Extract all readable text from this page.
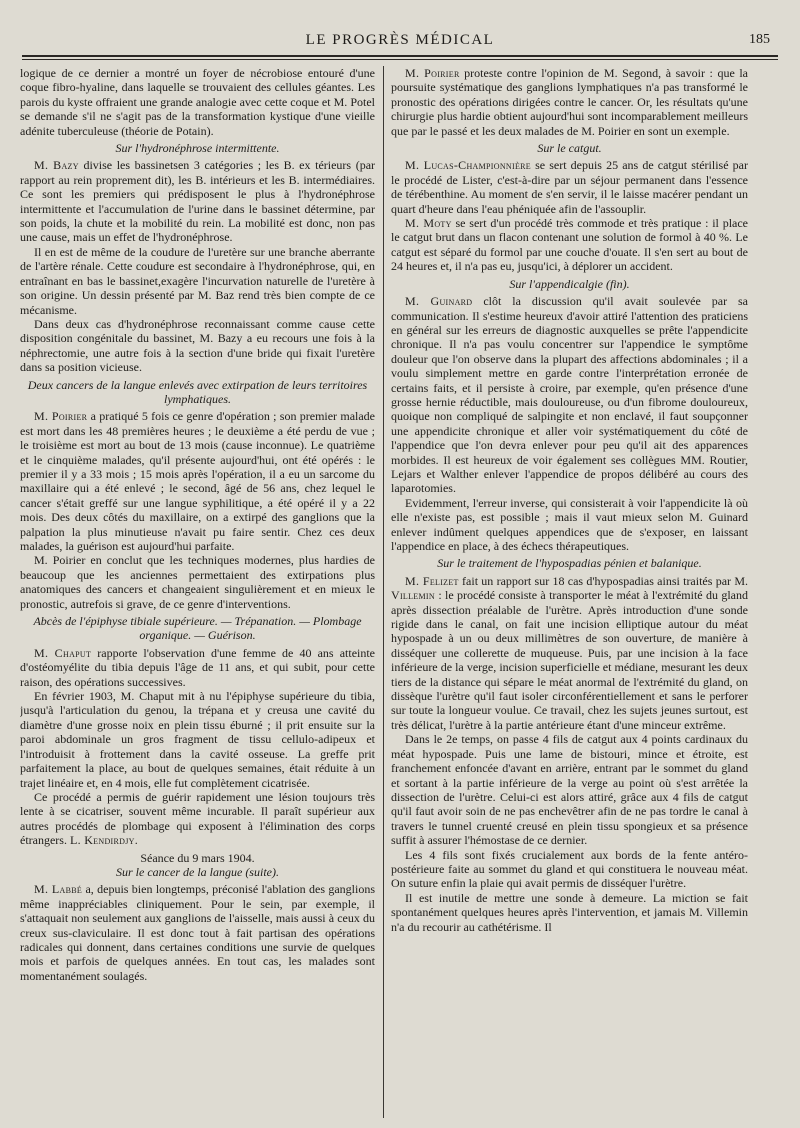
LE PROGRÈS MÉDICAL	185

logique de ce dernier a montré un foyer de nécrobiose entouré d'une coque fibro-hyaline, dans laquelle se trouvaient des cellules géantes. Les parois du kyste offraient une grande analogie avec cette coque et M. Potel se demande s'il ne s'agit pas de la transformation kystique d'une vieille adénite tuberculeuse (théorie de Potain).

Sur l'hydronéphrose intermittente.

M. Bazy divise les bassinetsen 3 catégories ; les B. ex térieurs (par rapport au rein proprement dit), les B. intérieurs et les B. intermédiaires. Ce sont les premiers qui prédisposent le plus à l'hydronéphrose intermittente et l'accumulation de l'urine dans le bassinet détermine, par son poids, la chute et la mobilité du rein. La mobilité est donc, non pas une cause, mais un effet de l'hydronéphrose.

Il en est de même de la coudure de l'uretère sur une branche aberrante de l'artère rénale. Cette coudure est secondaire à l'hydronéphrose, qui, en entraînant en bas le bassinet,exagère l'incurvation naturelle de l'uretère à son origine. Un dessin présenté par M. Baz rend très bien compte de ce mécanisme.

Dans deux cas d'hydronéphrose reconnaissant comme cause cette disposition congénitale du bassinet, M. Bazy a eu recours une fois à la néphrectomie, une autre fois à la section d'une bride qui fixait l'uretère dans sa position vicieuse.

Deux cancers de la langue enlevés avec extirpation de leurs territoires lymphatiques.

M. Poirier a pratiqué 5 fois ce genre d'opération ; son premier malade est mort dans les 48 premières heures ; le deuxième a été perdu de vue ; le troisième est mort au bout de 13 mois (cause inconnue). Le quatrième et le cinquième malades, qu'il présente aujourd'hui, ont été opérés : le premier il y a 33 mois ; 15 mois après l'opération, il a eu un sarcome du maxillaire qui a été enlevé ; le second, âgé de 56 ans, chez lequel le cancer s'était greffé sur une langue syphilitique, a été opéré il y a 22 mois. Des deux côtés du maxillaire, on a extirpé des ganglions que la palpation la plus minutieuse n'avait pu faire sentir. Chez ces deux malades, la guérison est aujourd'hui parfaite.

M. Poirier en conclut que les techniques modernes, plus hardies de beaucoup que les anciennes permettaient des extirpations plus anatomiques des cancers et changeaient singulièrement et en mieux le pronostic, autrefois si grave, de ce genre d'interventions.

Abcès de l'épiphyse tibiale supérieure. — Trépanation. — Plombage organique. — Guérison.

M. Chaput rapporte l'observation d'une femme de 40 ans atteinte d'ostéomyélite du tibia depuis l'âge de 11 ans, et qui subit, pour cette raison, des opérations successives.

En février 1903, M. Chaput mit à nu l'épiphyse supérieure du tibia, jusqu'à l'articulation du genou, la trépana et y creusa une cavité du diamètre d'une grosse noix en plein tissu éburné ; il prit ensuite sur la paroi abdominale un gros fragment de tissu cellulo-adipeux et l'introduisit à frottement dans la cavité osseuse. La greffe prit parfaitement la place, au bout de quelques semaines, était réduite à un trajet linéaire et, en 4 mois, elle fut complètement cicatrisée.

Ce procédé a permis de guérir rapidement une lésion toujours très lente à se cicatriser, souvent même incurable. Il paraît supérieur aux autres procédés de plombage qui exposent à l'élimination des corps étrangers. L. Kendirdjy.

Séance du 9 mars 1904.
Sur le cancer de la langue (suite).

M. Labbé a, depuis bien longtemps, préconisé l'ablation des ganglions même inappréciables cliniquement. Pour le sein, par exemple, il s'attaquait non seulement aux ganglions de l'aisselle, mais aussi à ceux du creux sus-claviculaire. Il est donc tout à fait partisan des opérations radicales qui donnent, dans certaines conditions une survie de quelques mois et parfois de quelques années. En tout cas, les malades sont momentanément soulagés.

M. Poirier proteste contre l'opinion de M. Segond, à savoir : que la poursuite systématique des ganglions lymphatiques n'a pas transformé le pronostic des opérations dirigées contre le cancer. Or, les résultats qu'une chirurgie plus hardie obtient aujourd'hui sont incomparablement meilleurs que par le passé et les deux malades de M. Poirier en sont un exemple.

Sur le catgut.

M. Lucas-Championnière se sert depuis 25 ans de catgut stérilisé par le procédé de Lister, c'est-à-dire par un séjour permanent dans l'essence de térébenthine. Au moment de s'en servir, il le laisse macérer pendant un quart d'heure dans l'eau phéniquée afin de l'assouplir.

M. Moty se sert d'un procédé très commode et très pratique : il place le catgut brut dans un flacon contenant une solution de formol à 40 %. Le catgut est séparé du formol par une couche d'ouate. Il s'en sert au bout de 24 heures et, il n'a pas eu, jusqu'ici, à déplorer un accident.

Sur l'appendicalgie (fin).

M. Guinard clôt la discussion qu'il avait soulevée par sa communication. Il s'estime heureux d'avoir attiré l'attention des praticiens en général sur les erreurs de diagnostic auxquelles se prête l'appendicite chronique. Il n'a pas voulu concentrer sur l'appendice le symptôme douleur que l'on observe dans la plupart des affections abdominales ; il a voulu simplement mettre en garde contre l'interprétation erronée de certains faits, et il persiste à croire, par exemple, qu'en présence d'une grosse hernie réductible, mais douloureuse, ou d'un fibrome douloureux, quoique non compliqué de salpingite et non enclavé, il faut soupçonner une appendicite chronique et aller voir systématiquement du côté de l'appendice que l'on devra enlever pour peu qu'il ait des apparences morbides. Il est heureux de voir également ses collègues MM. Routier, Lejars et Walther enlever l'appendice de propos délibéré au cours des laparotomies.

Evidemment, l'erreur inverse, qui consisterait à voir l'appendicite là où elle n'existe pas, est possible ; mais il vaut mieux selon M. Guinard enlever indûment quelques appendices que de s'exposer, en laissant l'appendice en place, à des échecs thérapeutiques.

Sur le traitement de l'hypospadias pénien et balanique.

M. Felizet fait un rapport sur 18 cas d'hypospadias ainsi traités par M. Villemin : le procédé consiste à transporter le méat à l'extrémité du gland après dissection préalable de l'urètre. Après introduction d'une sonde rigide dans le canal, on fait une incision elliptique autour du méat hypospade à un ou deux millimètres de son ouverture, de manière à disséquer une collerette de muqueuse. Puis, par une incision à la face inférieure de la verge, incision superficielle et médiane, mesurant les deux tiers de la distance qui sépare le méat anormal de l'extrémité du gland, on dissèque l'urètre qu'il faut isoler circonférentiellement et sans le perforer sur toute la longueur voulue. Ce travail, chez les sujets jeunes surtout, est très délicat, l'urètre à la partie antérieure étant d'une minceur extrême.

Dans le 2e temps, on passe 4 fils de catgut aux 4 points cardinaux du méat hypospade. Puis une lame de bistouri, mince et étroite, est franchement enfoncée d'avant en arrière, entrant par le sommet du gland et sortant à la partie inférieure de la verge au point où s'est arrêtée la dissection de l'urètre. Celui-ci est alors attiré, grâce aux 4 fils de catgut qu'il faut avoir soin de ne pas enchevêtrer afin de ne pas tordre le canal à travers le tunnel cruenté creusé en plein tissu spongieux et sa présence suffit à assurer l'hémostase de ce dernier.

Les 4 fils sont fixés crucialement aux bords de la fente antéro-postérieure faite au sommet du gland et qui constituera le nouveau méat. On suture enfin la plaie qui avait permis de disséquer l'urètre.

Il est inutile de mettre une sonde à demeure. La miction se fait spontanément quelques heures après l'intervention, et jamais M. Villemin n'a du recourir au cathétérisme. Il
